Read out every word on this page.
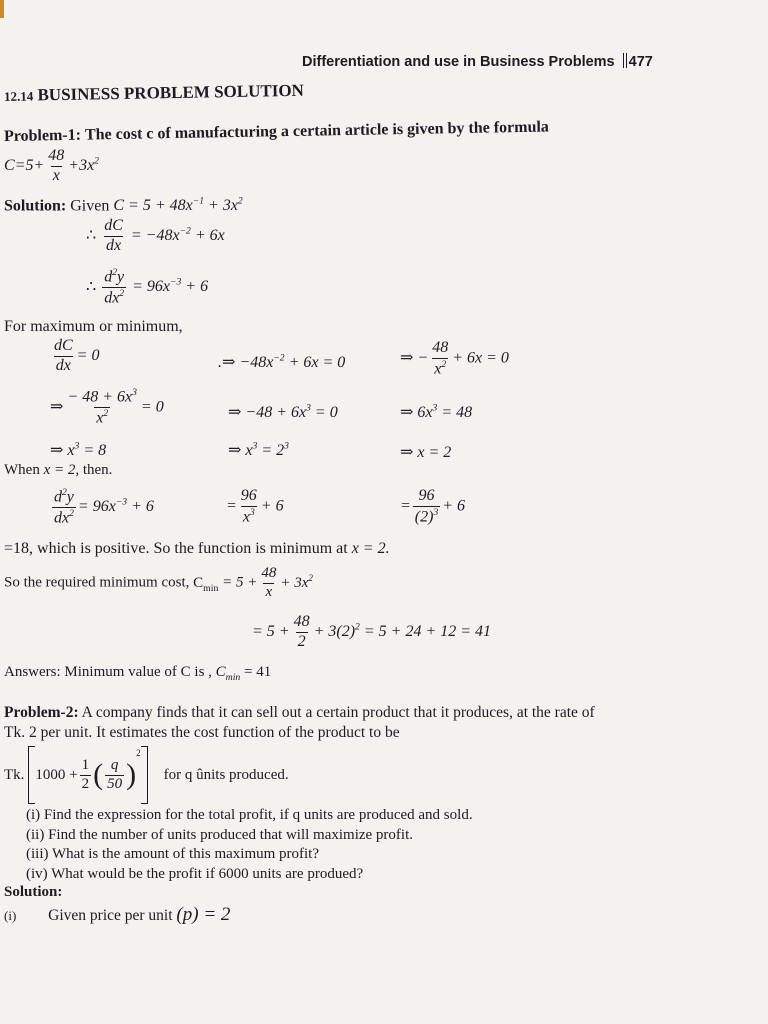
Differentiation and use in Business Problems 477
12.14 BUSINESS PROBLEM SOLUTION
Problem-1: The cost c of manufacturing a certain article is given by the formula
$C=5+ \frac{48}{x} +3x^2$
Solution: Given $C = 5 + 48x^{-1} + 3x^2$
∴ $\frac{dC}{dx} = -48x^{-2} + 6x$
∴ $\frac{d^2y}{dx^2} = 96x^{-3} + 6$
For maximum or minimum,
$\frac{dC}{dx} = 0$	.⇒ $-48x^{-2} + 6x = 0$	⇒ − $\frac{48}{x^2} + 6x = 0$
⇒ $\frac{- 48 + 6x^3}{x^2} = 0$	⇒ $-48 + 6x^3 = 0$	⇒ $6x^3 = 48$
⇒ $x^3 = 8$	⇒ $x^3 = 2^3$	⇒ x = 2
When x = 2, then.
$\frac{d^2y}{dx^2} = 96x^{-3} + 6$	= $\frac{96}{x^3} + 6$	= $\frac{96}{(2)^3} + 6$
=18, which is positive. So the function is minimum at x = 2.
So the required minimum cost, $C_{min} = 5 + \frac{48}{x} + 3x^2$
= $5 + \frac{48}{2} + 3(2)^2 = 5 + 24 + 12 = 41$
Answers: Minimum value of C is , $C_{min} = 41$
Problem-2: A company finds that it can sell out a certain product that it produces, at the rate of
Tk. 2 per unit. It estimates the cost function of the product to be
Tk. $1000 + \frac{1}{2}$ ( $\frac{q}{50}$ )
2
for q ûnits produced.
(i) Find the expression for the total profit, if q units are produced and sold.
(ii) Find the number of units produced that will maximize profit.
(iii) What is the amount of this maximum profit?
(iv) What would be the profit if 6000 units are produed?
Solution:
(i) Given price per unit (p) = 2
